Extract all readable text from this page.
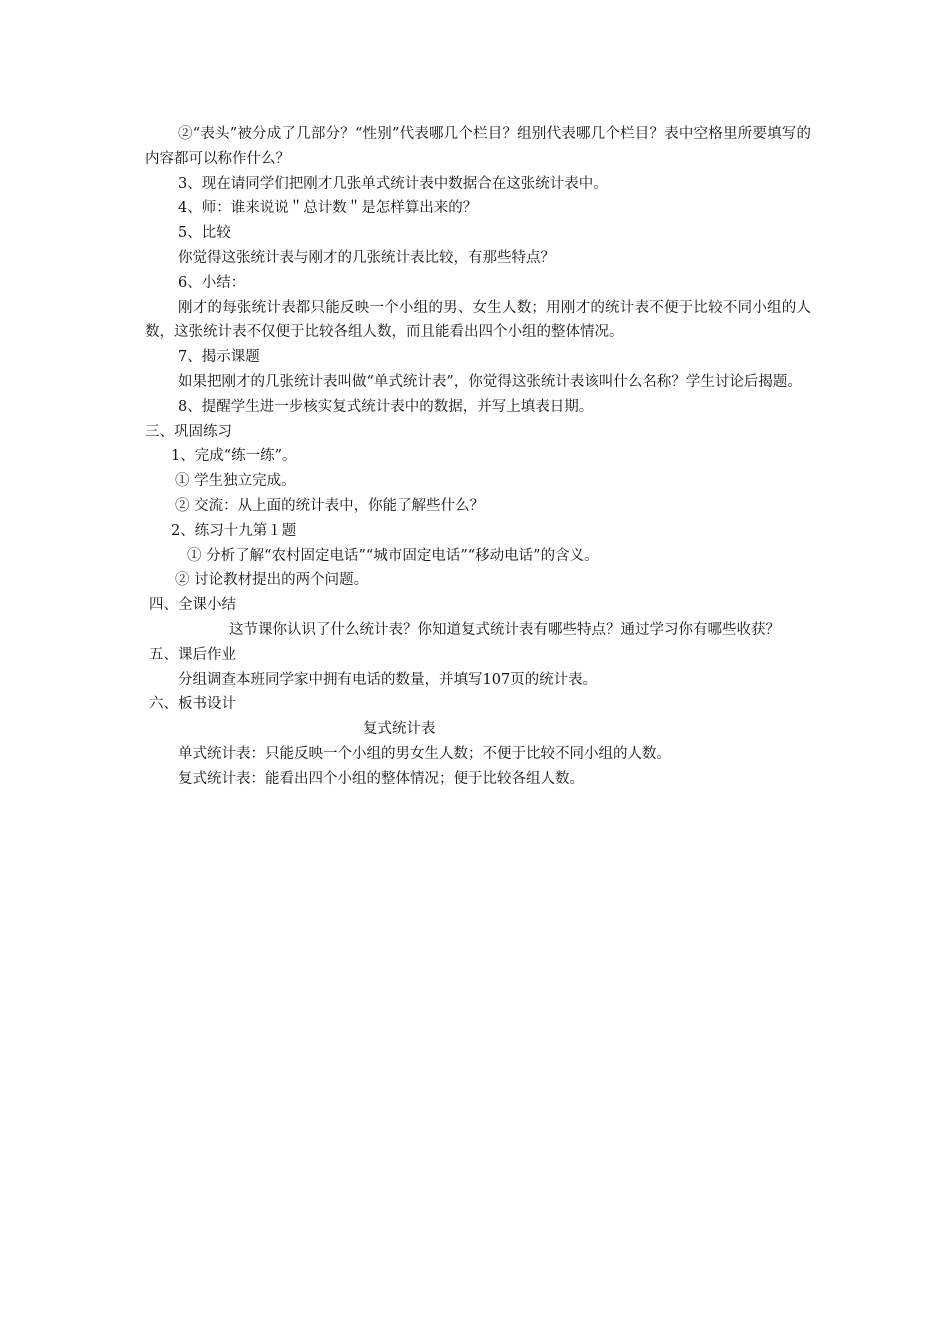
②“表头”被分成了几部分？“性别”代表哪几个栏目？组别代表哪几个栏目？表中空格里所要填写的内容都可以称作什么？
3、现在请同学们把刚才几张单式统计表中数据合在这张统计表中。
4、师：谁来说说＂总计数＂是怎样算出来的？
5、比较
你觉得这张统计表与刚才的几张统计表比较，有那些特点？
6、小结：
刚才的每张统计表都只能反映一个小组的男、女生人数；用刚才的统计表不便于比较不同小组的人数，这张统计表不仅便于比较各组人数，而且能看出四个小组的整体情况。
7、揭示课题
如果把刚才的几张统计表叫做“单式统计表”，你觉得这张统计表该叫什么名称？学生讨论后揭题。
8、提醒学生进一步核实复式统计表中的数据，并写上填表日期。
三、巩固练习
1、完成“练一练”。
① 学生独立完成。
② 交流：从上面的统计表中，你能了解些什么？
2、练习十九第１题
① 分析了解“农村固定电话”“城市固定电话”“移动电话”的含义。
② 讨论教材提出的两个问题。
四、全课小结
这节课你认识了什么统计表？你知道复式统计表有哪些特点？通过学习你有哪些收获？
五、课后作业
分组调查本班同学家中拥有电话的数量，并填写107页的统计表。
六、板书设计
复式统计表
单式统计表：只能反映一个小组的男女生人数；不便于比较不同小组的人数。
复式统计表：能看出四个小组的整体情况；便于比较各组人数。
